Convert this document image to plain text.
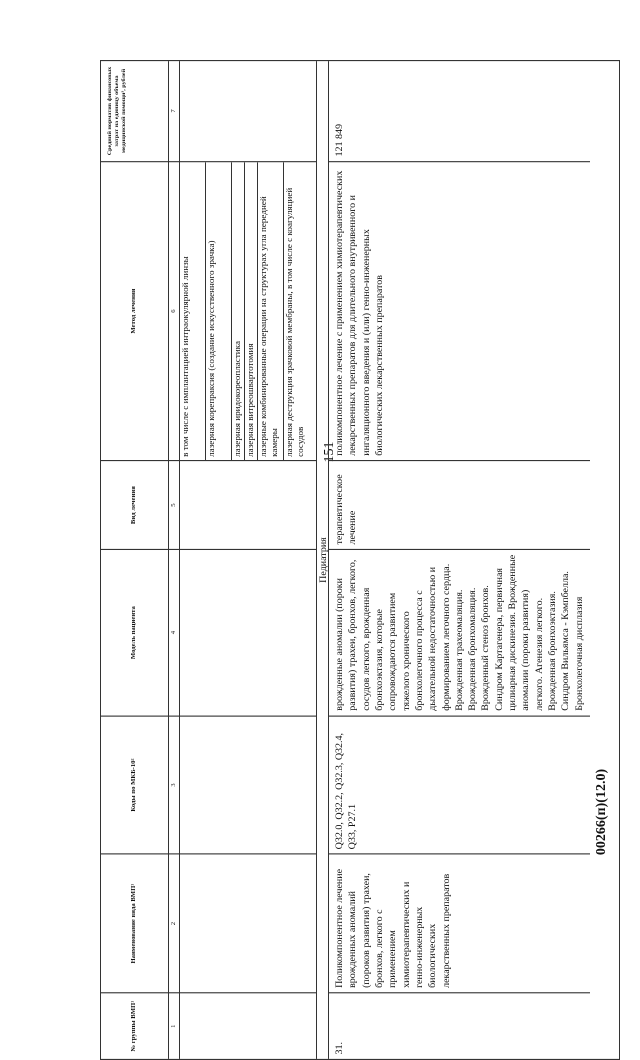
151
00266(п)(12.0)
№ группы ВМП¹
Наименование вида ВМП¹
Коды по МКБ-10²
Модель пациента
Вид лечения
Метод лечения
Средний норматив финансовых затрат на единицу объема медицинской помощи³, рублей
1
2
3
4
5
6
7
в том числе с имплантацией интраокулярной линзы	лазерная корепраксия (создание искусственного зрачка)	лазерная иридокореопластика лазерная витреошвартотомия лазерные комбинированные операции на структурах угла передней камеры лазерная деструкция зрачковой мембраны, в том числе с коагуляцией сосудов
Педиатрия
31.
Поликомпонентное лечение врожденных аномалий (пороков развития) трахеи, бронхов, легкого с применением химиотерапевтических и генно-инженерных биологических лекарственных препаратов
Q32.0, Q32.2, Q32.3, Q32.4, Q33, P27.1
врожденные аномалии (пороки развития) трахеи, бронхов, легкого, сосудов легкого, врожденная бронхоэктазия, которые сопровождаются развитием тяжелого хронического бронхолегочного процесса с дыхательной недостаточностью и формированием легочного сердца. Врожденная трахеомаляция. Врожденная бронхомаляция. Врожденный стеноз бронхов. Синдром Картагенера, первичная цилиарная дискинезия. Врожденные аномалии (пороки развития) легкого. Агенезия легкого. Врожденная бронхоэктазия. Синдром Вильямса - Кэмпбелла. Бронхолегочная дисплазия
терапевтическое лечение
поликомпонентное лечение с применением химиотерапевтических лекарственных препаратов для длительного внутривенного и ингаляционного введения и (или) генно-инженерных биологических лекарственных препаратов
121 849
